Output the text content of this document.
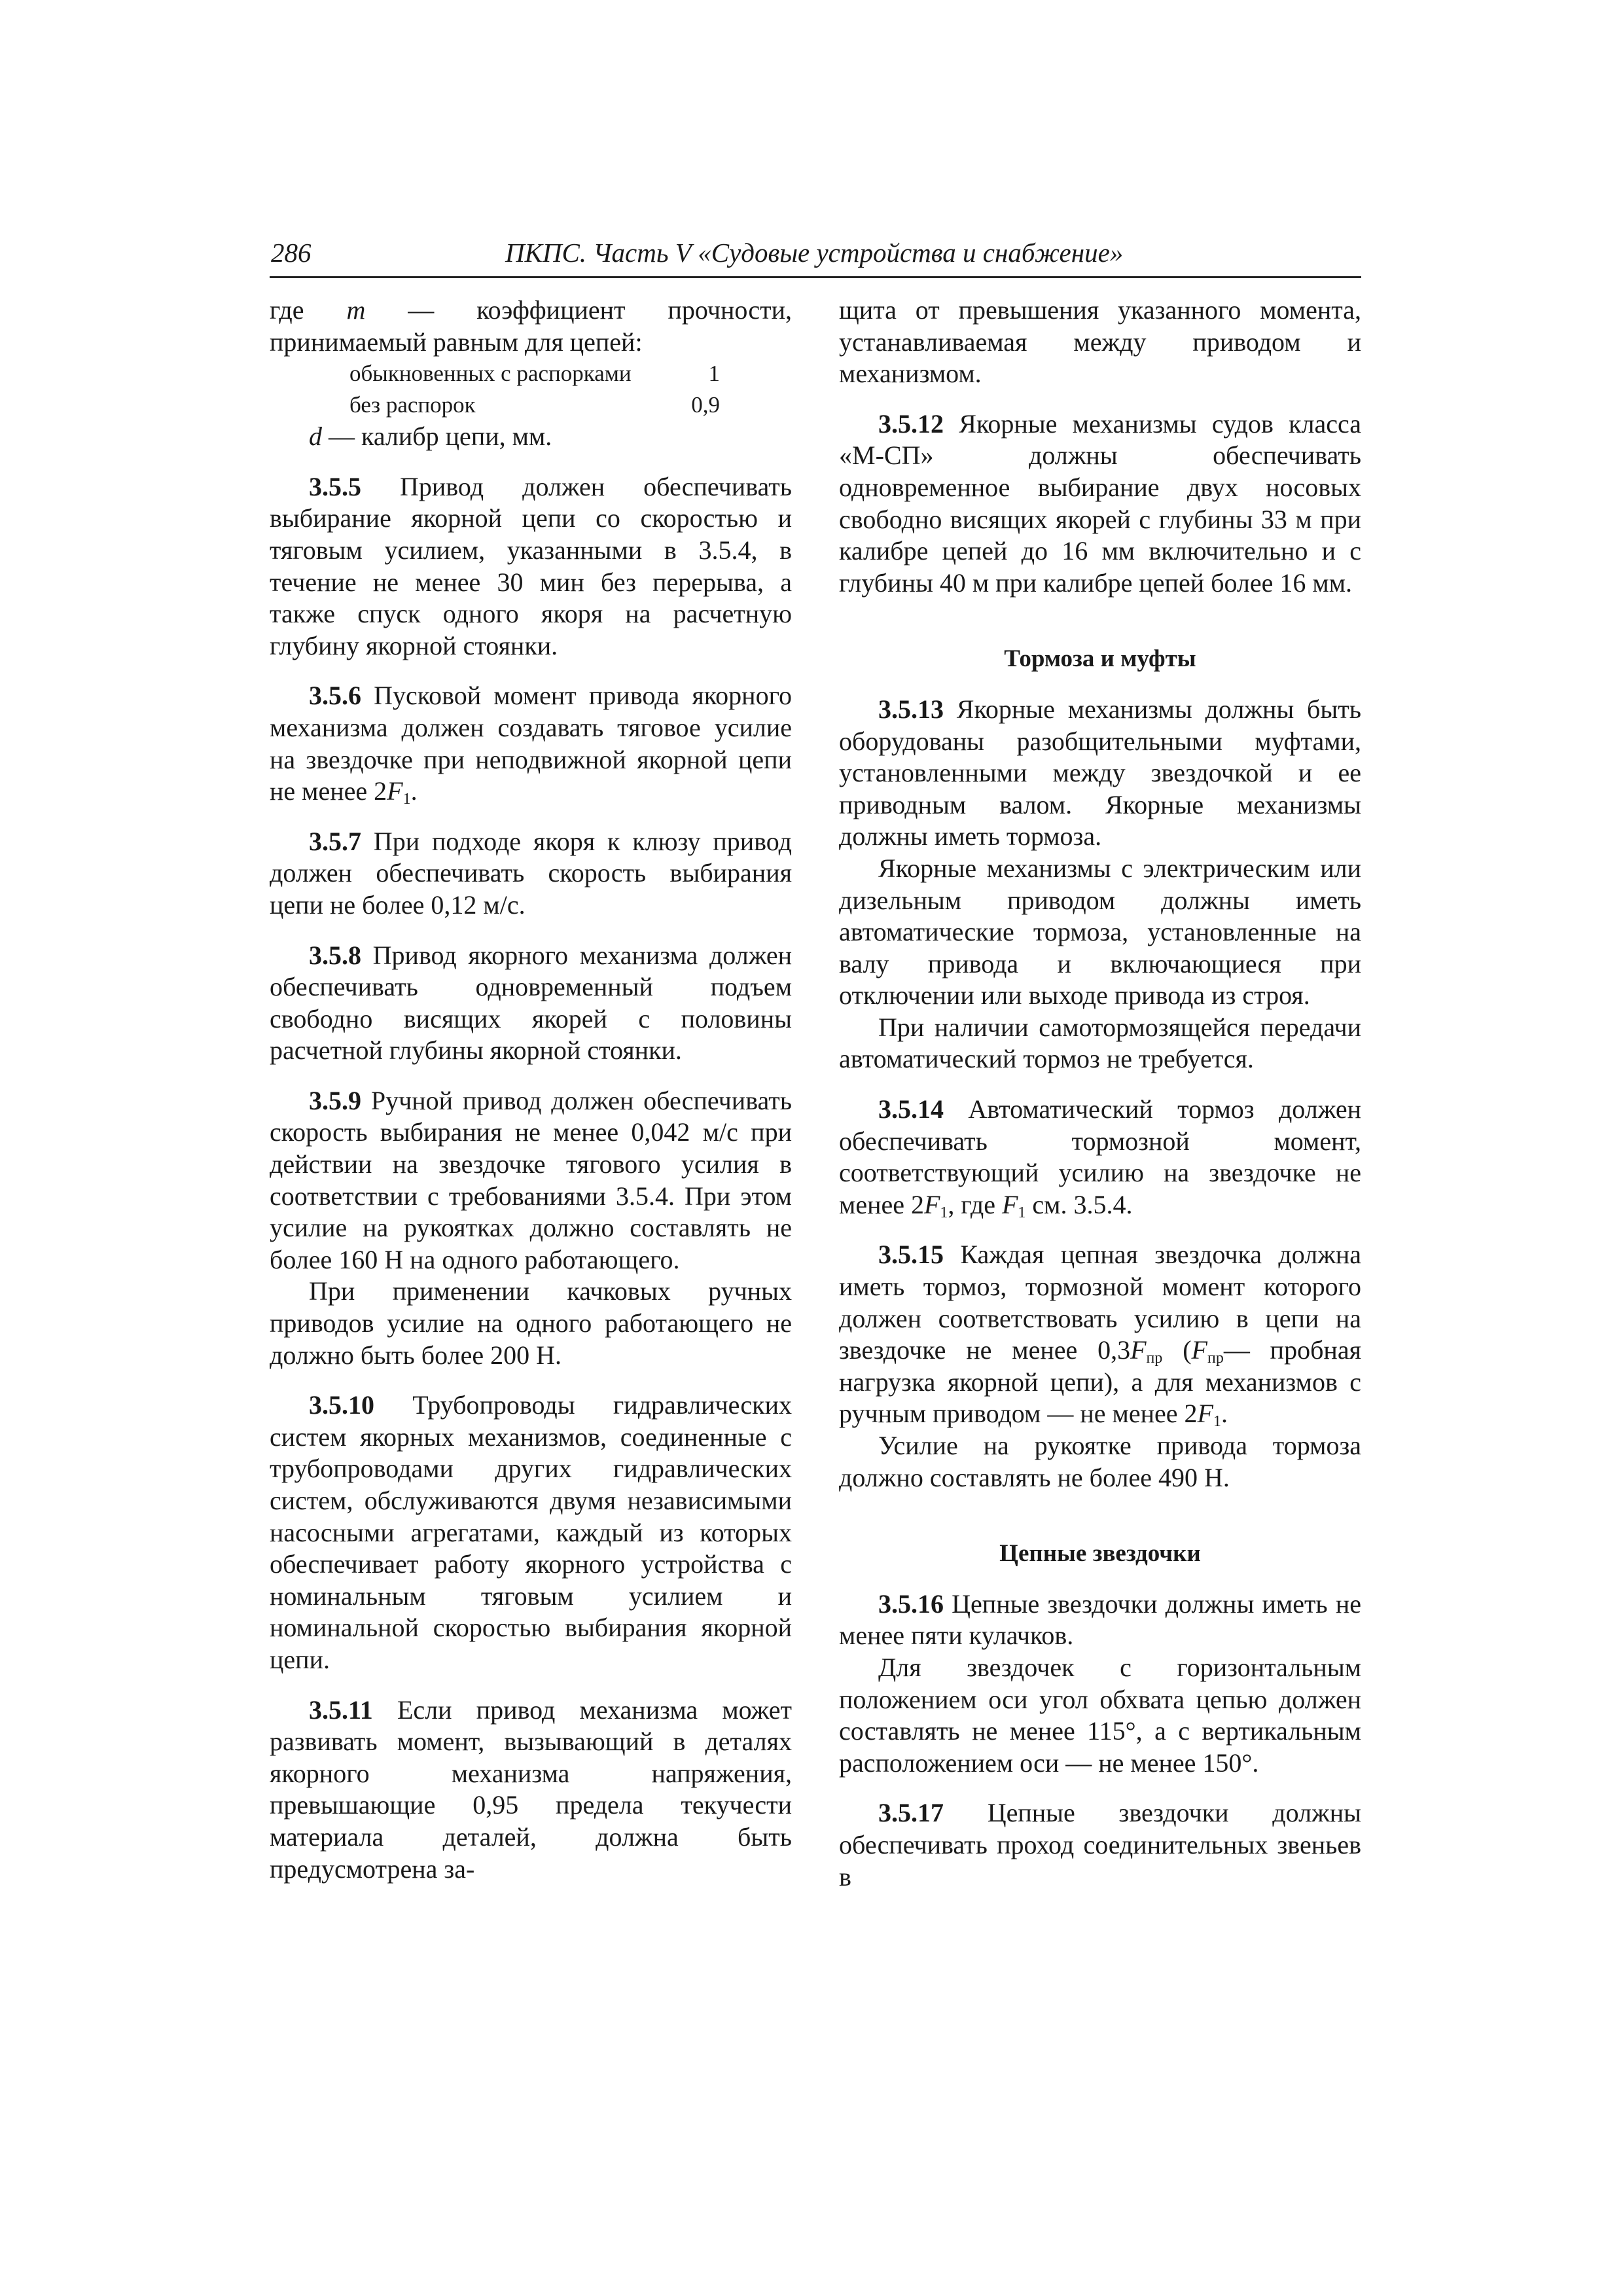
286	ПКПС. Часть V «Судовые устройства и снабжение»

где m — коэффициент прочности, принимаемый равным для цепей:

обыкновенных с распорками	1
без распорок	0,9

d — калибр цепи, мм.

3.5.5 Привод должен обеспечивать выбирание якорной цепи со скоростью и тяговым усилием, указанными в 3.5.4, в течение не менее 30 мин без перерыва, а также спуск одного якоря на расчетную глубину якорной стоянки.

3.5.6 Пусковой момент привода якорного механизма должен создавать тяговое усилие на звездочке при неподвижной якорной цепи не менее $2F_1$.

3.5.7 При подходе якоря к клюзу привод должен обеспечивать скорость выбирания цепи не более 0,12 м/с.

3.5.8 Привод якорного механизма должен обеспечивать одновременный подъем свободно висящих якорей с половины расчетной глубины якорной стоянки.

3.5.9 Ручной привод должен обеспечивать скорость выбирания не менее 0,042 м/с при действии на звездочке тягового усилия в соответствии с требованиями 3.5.4. При этом усилие на рукоятках должно составлять не более 160 Н на одного работающего.

При применении качковых ручных приводов усилие на одного работающего не должно быть более 200 Н.

3.5.10 Трубопроводы гидравлических систем якорных механизмов, соединенные с трубопроводами других гидравлических систем, обслуживаются двумя независимыми насосными агрегатами, каждый из которых обеспечивает работу якорного устройства с номинальным тяговым усилием и номинальной скоростью выбирания якорной цепи.

3.5.11 Если привод механизма может развивать момент, вызывающий в деталях якорного механизма напряжения, превышающие 0,95 предела текучести материала деталей, должна быть предусмотрена за-

щита от превышения указанного момента, устанавливаемая между приводом и механизмом.

3.5.12 Якорные механизмы судов класса «М-СП» должны обеспечивать одновременное выбирание двух носовых свободно висящих якорей с глубины 33 м при калибре цепей до 16 мм включительно и с глубины 40 м при калибре цепей более 16 мм.

Тормоза и муфты

3.5.13 Якорные механизмы должны быть оборудованы разобщительными муфтами, установленными между звездочкой и ее приводным валом. Якорные механизмы должны иметь тормоза.

Якорные механизмы с электрическим или дизельным приводом должны иметь автоматические тормоза, установленные на валу привода и включающиеся при отключении или выходе привода из строя.

При наличии самотормозящейся передачи автоматический тормоз не требуется.

3.5.14 Автоматический тормоз должен обеспечивать тормозной момент, соответствующий усилию на звездочке не менее $2F_1$, где $F_1$ см. 3.5.4.

3.5.15 Каждая цепная звездочка должна иметь тормоз, тормозной момент которого должен соответствовать усилию в цепи на звездочке не менее $0,3F_{пр}$ ($F_{пр}—$ пробная нагрузка якорной цепи), а для механизмов с ручным приводом — не менее $2F_1$.

Усилие на рукоятке привода тормоза должно составлять не более 490 Н.

Цепные звездочки

3.5.16 Цепные звездочки должны иметь не менее пяти кулачков.

Для звездочек с горизонтальным положением оси угол обхвата цепью должен составлять не менее 115°, а с вертикальным расположением оси — не менее 150°.

3.5.17 Цепные звездочки должны обеспечивать проход соединительных звеньев в
